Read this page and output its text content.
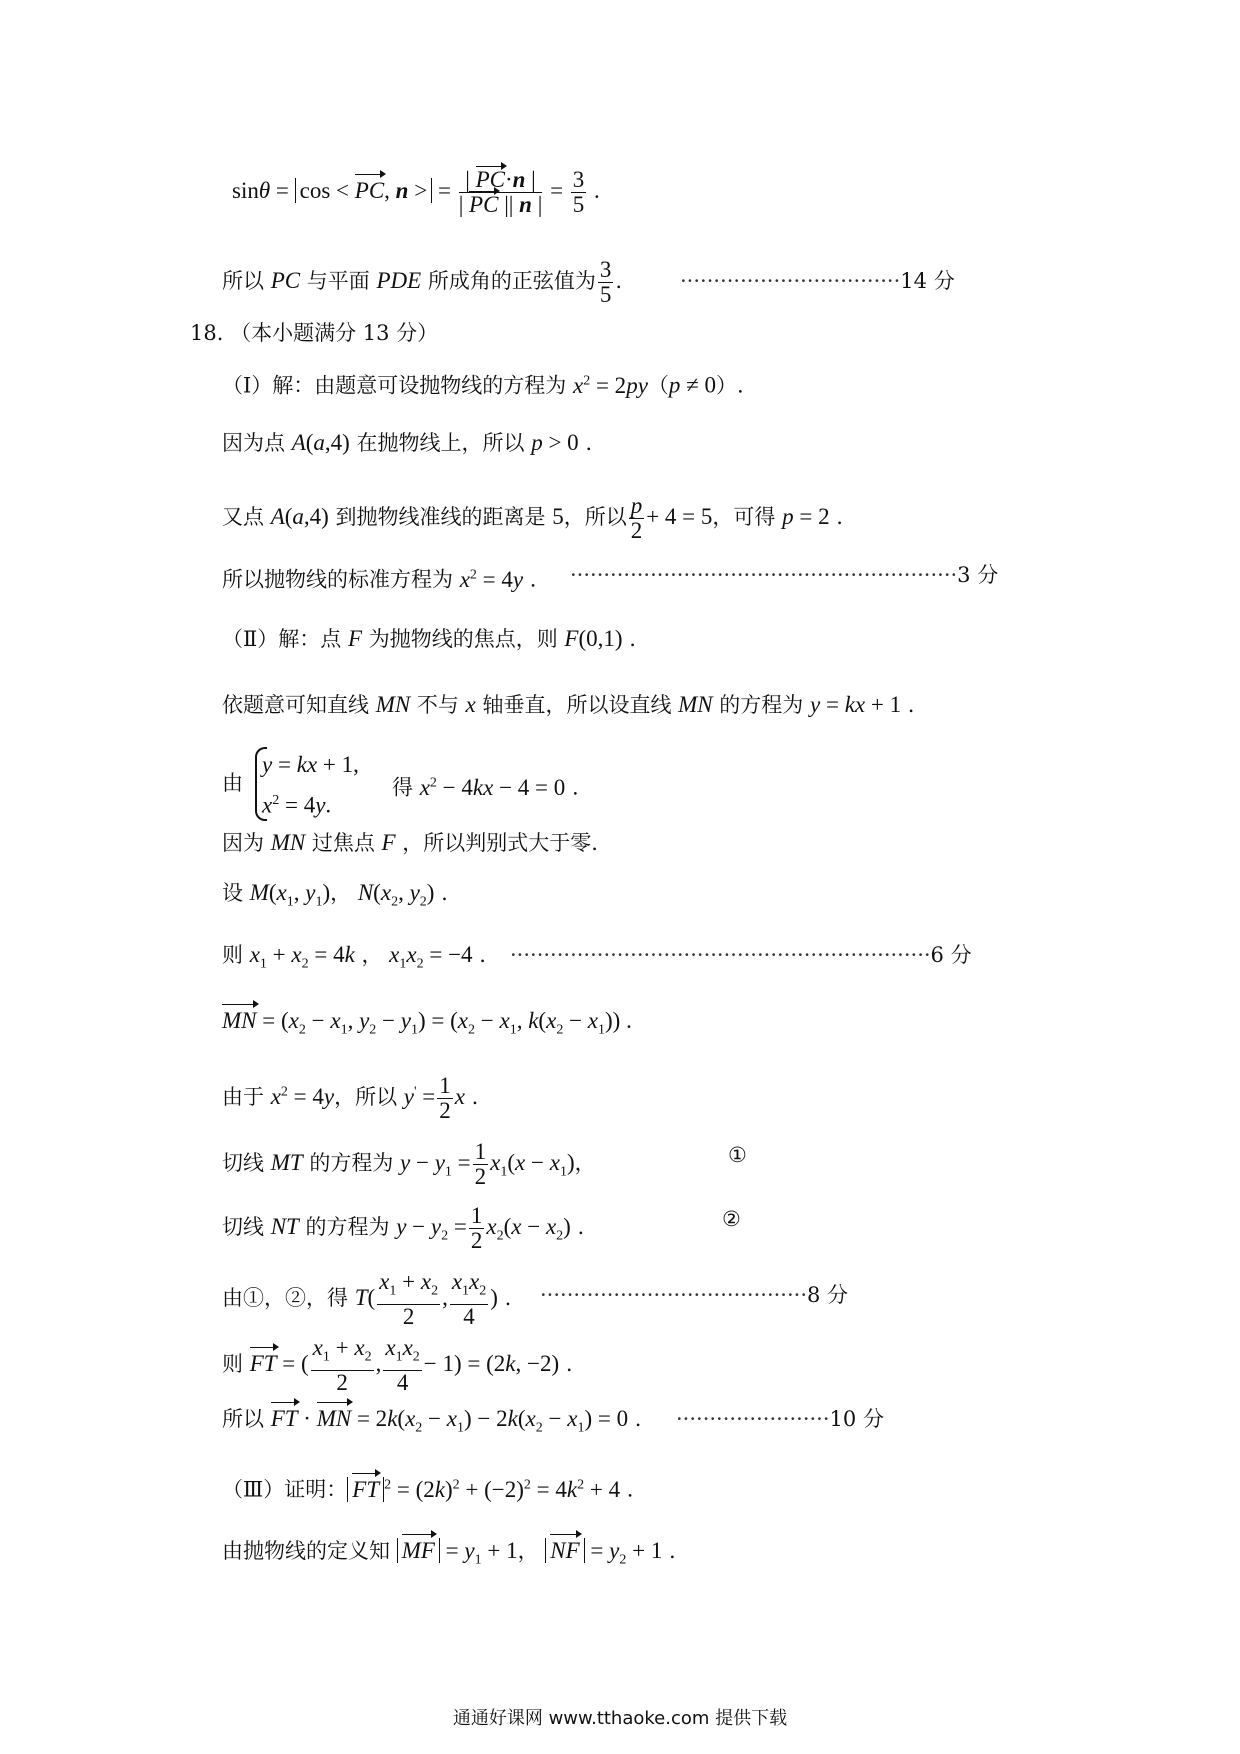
sinθ = cos < PC, n > = $\frac{| PC\cdot n |}{| PC || n |} = \frac{3}{5}$ .
所以 PC 与平面 PDE 所成角的正弦值为 $\frac{3}{5}$ .	·································14 分
18. （本小题满分 13 分）
（Ⅰ）解：由题意可设抛物线的方程为 $x^2 = 2py(p \ne 0)$.
因为点 A(a,4) 在抛物线上，所以 p > 0 .
又点 A(a,4) 到抛物线准线的距离是 5，所以 $\frac{p}{2} + 4 = 5$，可得 p = 2 .
所以抛物线的标准方程为 $x^2 = 4y$ . ··························································3 分
（Ⅱ）解：点 F 为抛物线的焦点，则 F(0,1) .
依题意可知直线 MN 不与 x 轴垂直，所以设直线 MN 的方程为 y = kx + 1 .
由
y = kx + 1,
$x^2 = 4y$.
得 $x^2 - 4kx - 4 = 0$ .
因为 MN 过焦点 F ，所以判别式大于零.
设 $M(x_1$, $y_1$)， $N(x_2$, $y_2$) .
则 $x_1 + x_2 = 4k$ ， $x_1x_2 = -4$ . ·······························································6 分
MN = ($x_2 - x_1$, $y_2 - y_1) = (x_2 - x_1$, $k(x_2 - x_1)$) .
由于 $x^2 = 4y$，所以 $y' = \frac{1}{2}$ x .
切线 MT 的方程为 $y - y_1 = \frac{1}{2} x_1(x - x_1)$，	①
切线 NT 的方程为 $y - y_2 = \frac{1}{2} x_2(x - x_2)$ .	②
由①，②，得 $T( \frac{x_1 + x_2}{2}$ , $\frac{x_1x_2}{4}$ ) . ········································8 分
则 FT = ( $\frac{x_1 + x_2}{2}$ , $\frac{x_1x_2}{4} - 1) = (2k$, −2) .
所以 FT · MN = $2k(x_2 - x_1) - 2k(x_2 - x_1) = 0$ . ·······················10 分
（Ⅲ）证明： FT $^2 = (2k)^2 + (-2)^2 = 4k^2 + 4$ .
由抛物线的定义知 MF = $y_1 + 1$， NF = $y_2 + 1$ .
通通好课网 www.tthaoke.com 提供下载
